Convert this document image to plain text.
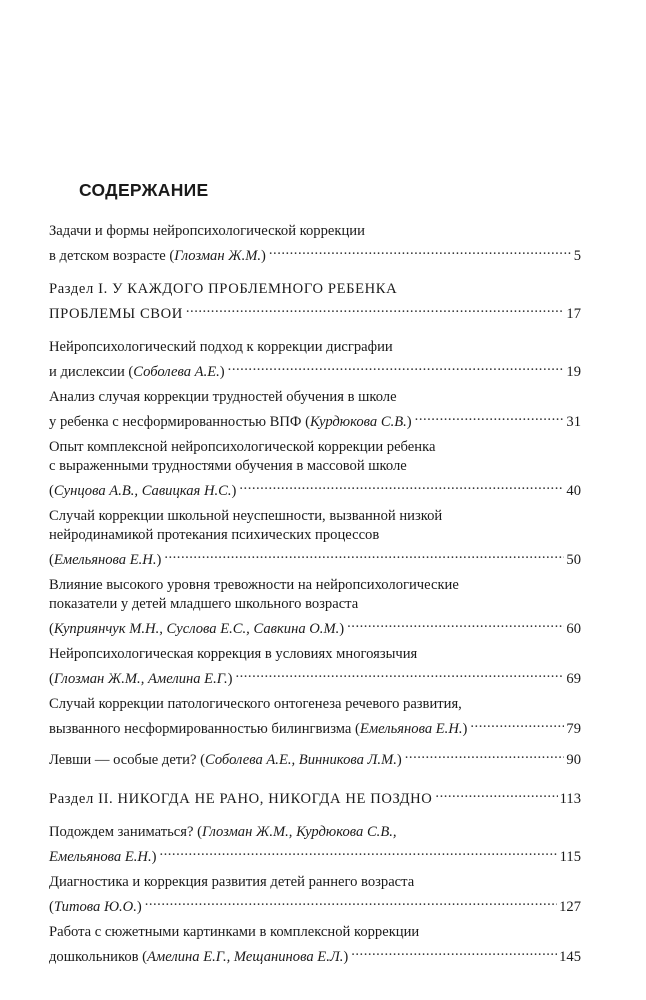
СОДЕРЖАНИЕ
Задачи и формы нейропсихологической коррекции
в детском возрасте (Глозман Ж.М.) .....	5
Раздел I. У КАЖДОГО ПРОБЛЕМНОГО РЕБЕНКА
ПРОБЛЕМЫ СВОИ .....	17
Нейропсихологический подход к коррекции дисграфии
и дислексии (Соболева А.Е.) .....	19
Анализ случая коррекции трудностей обучения в школе
у ребенка с несформированностью ВПФ (Курдюкова С.В.) .....	31
Опыт комплексной нейропсихологической коррекции ребенка
с выраженными трудностями обучения в массовой школе
(Сунцова А.В., Савицкая Н.С.) .....	40
Случай коррекции школьной неуспешности, вызванной низкой
нейродинамикой протекания психических процессов
(Емельянова Е.Н.) .....	50
Влияние высокого уровня тревожности на нейропсихологические
показатели у детей младшего школьного возраста
(Куприянчук М.Н., Суслова Е.С., Савкина О.М.) .....	60
Нейропсихологическая коррекция в условиях многоязычия
(Глозман Ж.М., Амелина Е.Г.) .....	69
Случай коррекции патологического онтогенеза речевого развития,
вызванного несформированностью билингвизма (Емельянова Е.Н.) .....	79
Левши — особые дети? (Соболева А.Е., Винникова Л.М.) .....	90
Раздел II. НИКОГДА НЕ РАНО, НИКОГДА НЕ ПОЗДНО .....	113
Подождем заниматься? (Глозман Ж.М., Курдюкова С.В.,
Емельянова Е.Н.) .....	115
Диагностика и коррекция развития детей раннего возраста
(Титова Ю.О.) .....	127
Работа с сюжетными картинками в комплексной коррекции
дошкольников (Амелина Е.Г., Мещанинова Е.Л.) .....	145
